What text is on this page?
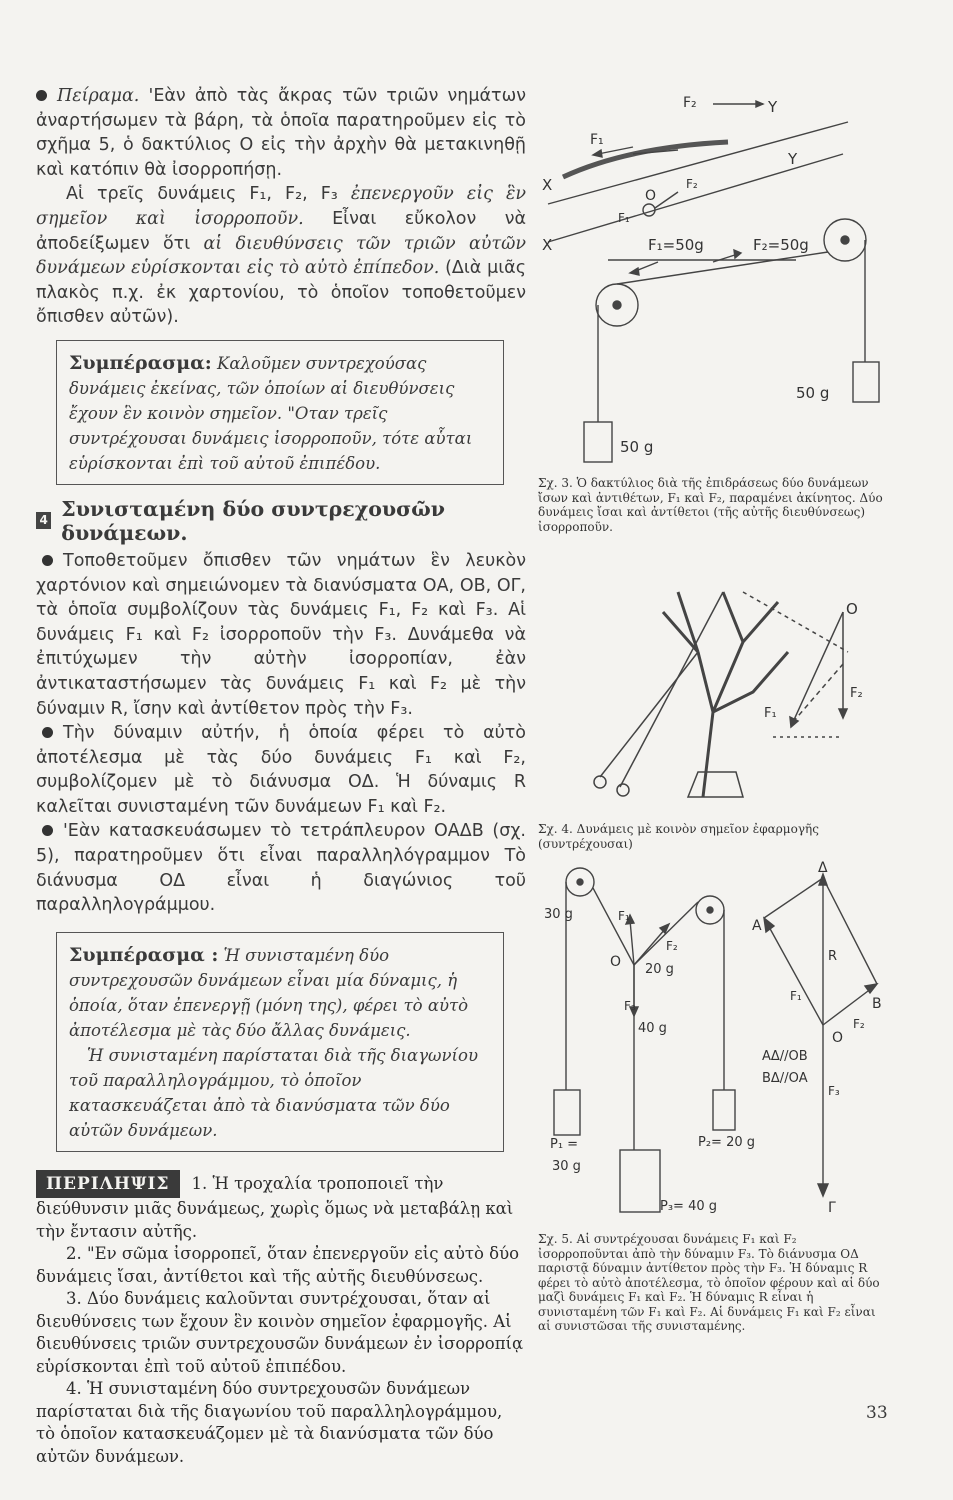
Πείραμα. 'Εὰν ἀπὸ τὰς ἄκρας τῶν τριῶν νημάτων ἀναρτήσωμεν τὰ βάρη, τὰ ὁποῖα παρατηροῦμεν εἰς τὸ σχῆμα 5, ὁ δακτύλιος Ο εἰς τὴν ἀρχὴν θὰ μετακινηθῇ καὶ κατόπιν θὰ ἰσορροπήσῃ.

Αἱ τρεῖς δυνάμεις F₁, F₂, F₃ ἐπενεργοῦν εἰς ἓν σημεῖον καὶ ἰσορροποῦν. Εἶναι εὔκολον νὰ ἀποδείξωμεν ὅτι αἱ διευθύνσεις τῶν τριῶν αὐτῶν δυνάμεων εὑρίσκονται εἰς τὸ αὐτὸ ἐπίπεδον. (Διὰ μιᾶς πλακὸς π.χ. ἐκ χαρτονίου, τὸ ὁποῖον τοποθετοῦμεν ὄπισθεν αὐτῶν).

Συμπέρασμα: Καλοῦμεν συντρεχούσας δυνάμεις ἐκείνας, τῶν ὁποίων αἱ διευθύνσεις ἔχουν ἓν κοινὸν σημεῖον. "Οταν τρεῖς συντρέχουσαι δυνάμεις ἰσορροποῦν, τότε αὗται εὑρίσκονται ἐπὶ τοῦ αὐτοῦ ἐπιπέδου.
4 Συνισταμένη δύο συντρεχουσῶν δυνάμεων.

Τοποθετοῦμεν ὄπισθεν τῶν νημάτων ἓν λευκὸν χαρτόνιον καὶ σημειώνομεν τὰ διανύσματα ΟΑ, ΟΒ, ΟΓ, τὰ ὁποῖα συμβολίζουν τὰς δυνάμεις F₁, F₂ καὶ F₃. Αἱ δυνάμεις F₁ καὶ F₂ ἰσορροποῦν τὴν F₃. Δυνάμεθα νὰ ἐπιτύχωμεν τὴν αὐτὴν ἰσορροπίαν, ἐὰν ἀντικαταστήσωμεν τὰς δυνάμεις F₁ καὶ F₂ μὲ τὴν δύναμιν R, ἴσην καὶ ἀντίθετον πρὸς τὴν F₃.

Τὴν δύναμιν αὐτήν, ἡ ὁποία φέρει τὸ αὐτὸ ἀποτέλεσμα μὲ τὰς δύο δυνάμεις F₁ καὶ F₂, συμβολίζομεν μὲ τὸ διάνυσμα ΟΔ. Ἡ δύναμις R καλεῖται συνισταμένη τῶν δυνάμεων F₁ καὶ F₂.

'Εὰν κατασκευάσωμεν τὸ τετράπλευρον ΟΑΔΒ (σχ. 5), παρατηροῦμεν ὅτι εἶναι παραλληλόγραμμον Τὸ διάνυσμα ΟΔ εἶναι ἡ διαγώνιος τοῦ παραλληλογράμμου.

Συμπέρασμα : Ἡ συνισταμένη δύο συντρεχουσῶν δυνάμεων εἶναι μία δύναμις, ἡ ὁποία, ὅταν ἐπενεργῇ (μόνη της), φέρει τὸ αὐτὸ ἀποτέλεσμα μὲ τὰς δύο ἄλλας δυνάμεις.
Ἡ συνισταμένη παρίσταται διὰ τῆς διαγωνίου τοῦ παραλληλογράμμου, τὸ ὁποῖον κατασκευάζεται ἀπὸ τὰ διανύσματα τῶν δύο αὐτῶν δυνάμεων.

ΠΕΡΙΛΗΨΙΣ 1. Ἡ τροχαλία τροποποιεῖ τὴν διεύθυνσιν μιᾶς δυνάμεως, χωρὶς ὅμως νὰ μεταβάλῃ καὶ τὴν ἔντασιν αὐτῆς.

2. "Εν σῶμα ἰσορροπεῖ, ὅταν ἐπενεργοῦν εἰς αὐτὸ δύο δυνάμεις ἴσαι, ἀντίθετοι καὶ τῆς αὐτῆς διευθύνσεως.

3. Δύο δυνάμεις καλοῦνται συντρέχουσαι, ὅταν αἱ διευθύνσεις των ἔχουν ἓν κοινὸν σημεῖον ἐφαρμογῆς. Αἱ διευθύνσεις τριῶν συντρεχουσῶν δυνάμεων ἐν ἰσορροπίᾳ εὑρίσκονται ἐπὶ τοῦ αὐτοῦ ἐπιπέδου.

4. Ἡ συνισταμένη δύο συντρεχουσῶν δυνάμεων παρίσταται διὰ τῆς διαγωνίου τοῦ παραλληλογράμμου, τὸ ὁποῖον κατασκευάζομεν μὲ τὰ διανύσματα τῶν δύο αὐτῶν δυνάμεων.

X
X
Y
Y
F₂
F₁
O
F₁
F₂
F₁=50g	F₂=50g
50 g
50 g

Σχ. 3. Ὁ δακτύλιος διὰ τῆς ἐπιδράσεως δύο δυνάμεων ἴσων καὶ ἀντιθέτων, F₁ καὶ F₂, παραμένει ἀκίνητος. Δύο δυνάμεις ἴσαι καὶ ἀντίθετοι (τῆς αὐτῆς διευθύνσεως) ἰσορροποῦν.

O
F₁
F₂

Σχ. 4. Δυνάμεις μὲ κοινὸν σημεῖον ἐφαρμογῆς (συντρέχουσαι)

30 g
20 g
40 g
O
F₁
F₂
F₃
P₁ =
30 g
P₂= 20 g
P₃= 40 g
Δ
A
B
R
F₁
F₂
O
F₃
Γ
ΑΔ//ΟΒ
ΒΔ//ΟΑ

Σχ. 5. Αἱ συντρέχουσαι δυνάμεις F₁ καὶ F₂ ἰσορροποῦνται ἀπὸ τὴν δύναμιν F₃. Τὸ διάνυσμα ΟΔ παριστᾷ δύναμιν ἀντίθετον πρὸς τὴν F₃. Ἡ δύναμις R φέρει τὸ αὐτὸ ἀποτέλεσμα, τὸ ὁποῖον φέρουν καὶ αἱ δύο μαζὶ δυνάμεις F₁ καὶ F₂. Ἡ δύναμις R εἶναι ἡ συνισταμένη τῶν F₁ καὶ F₂. Αἱ δυνάμεις F₁ καὶ F₂ εἶναι αἱ συνιστῶσαι τῆς συνισταμένης.

33
